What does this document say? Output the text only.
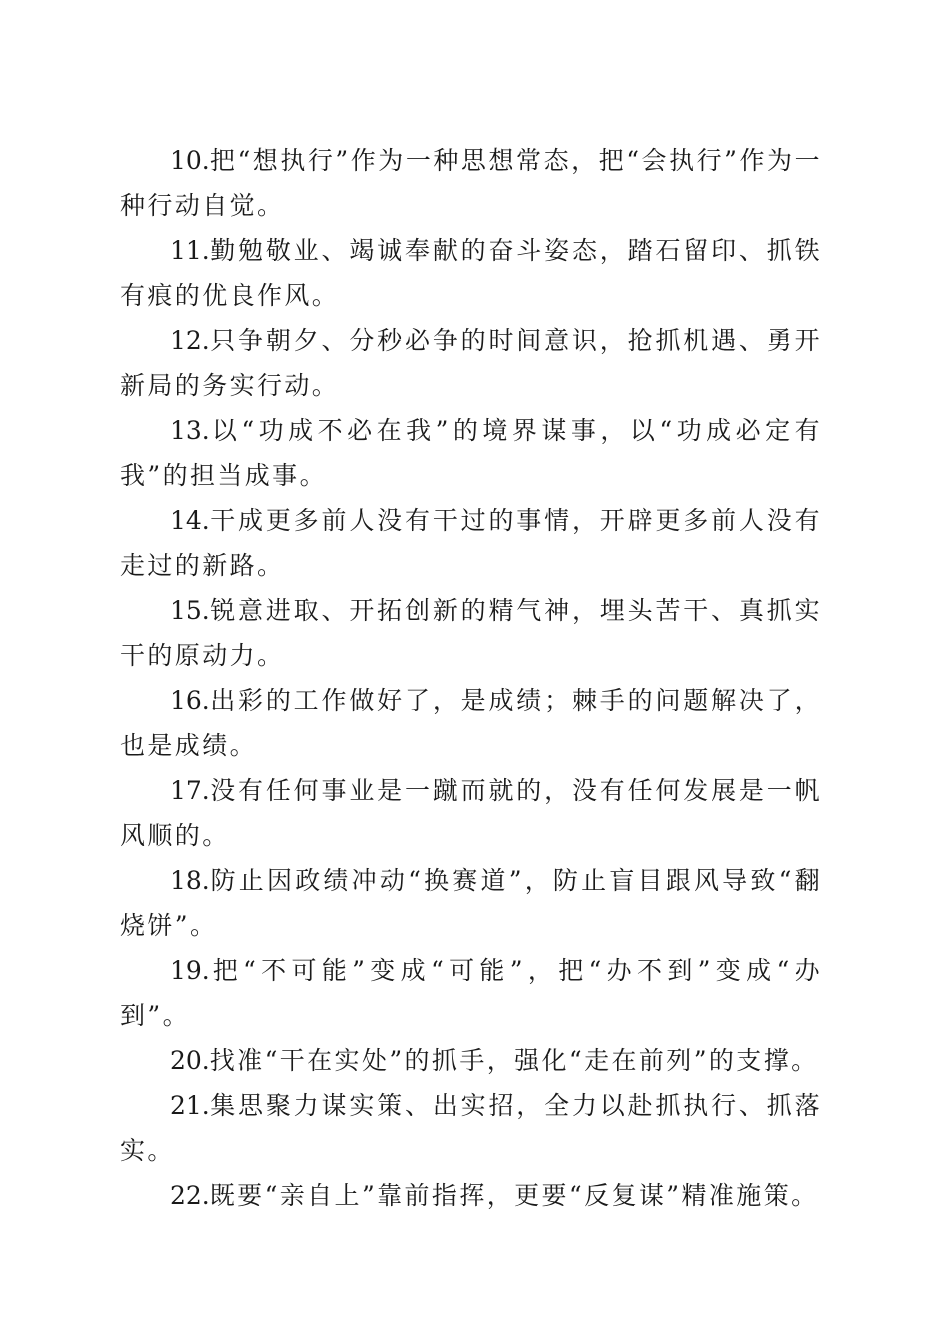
10.把“想执行”作为一种思想常态，把“会执行”作为一种行动自觉。

11.勤勉敬业、竭诚奉献的奋斗姿态，踏石留印、抓铁有痕的优良作风。

12.只争朝夕、分秒必争的时间意识，抢抓机遇、勇开新局的务实行动。

13.以“功成不必在我”的境界谋事，以“功成必定有我”的担当成事。

14.干成更多前人没有干过的事情，开辟更多前人没有走过的新路。

15.锐意进取、开拓创新的精气神，埋头苦干、真抓实干的原动力。

16.出彩的工作做好了，是成绩；棘手的问题解决了，也是成绩。

17.没有任何事业是一蹴而就的，没有任何发展是一帆风顺的。

18.防止因政绩冲动“换赛道”，防止盲目跟风导致“翻烧饼”。

19.把“不可能”变成“可能”，把“办不到”变成“办到”。

20.找准“干在实处”的抓手，强化“走在前列”的支撑。

21.集思聚力谋实策、出实招，全力以赴抓执行、抓落实。

22.既要“亲自上”靠前指挥，更要“反复谋”精准施策。
